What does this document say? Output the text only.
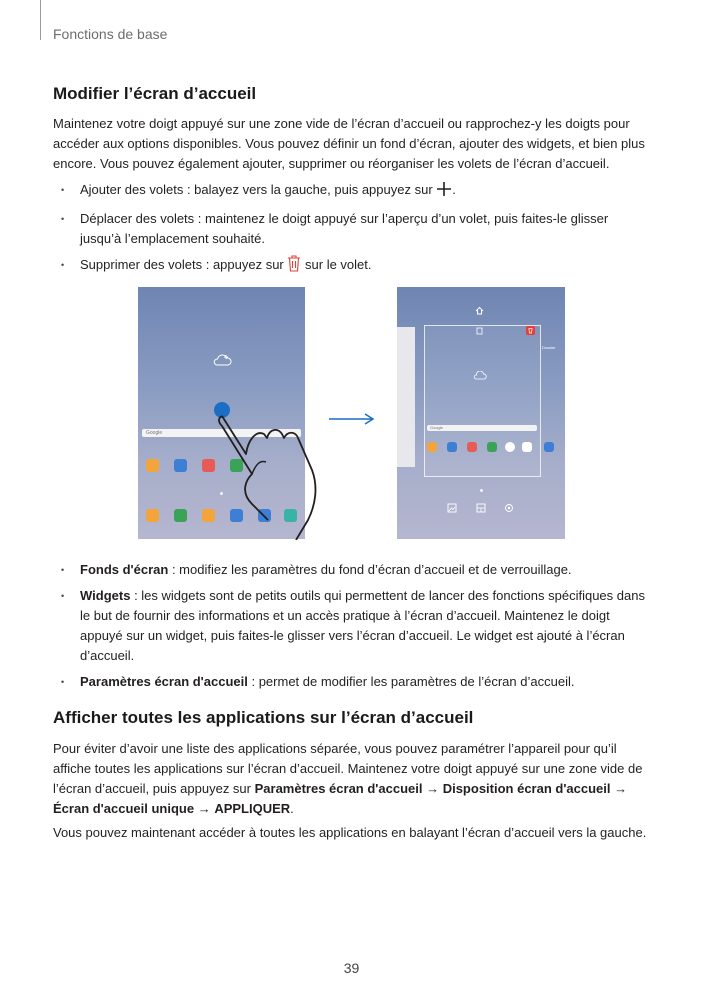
Fonctions de base
Modifier l’écran d’accueil

Maintenez votre doigt appuyé sur une zone vide de l’écran d’accueil ou rapprochez-y les doigts pour accéder aux options disponibles. Vous pouvez définir un fond d’écran, ajouter des widgets, et bien plus encore. Vous pouvez également ajouter, supprimer ou réorganiser les volets de l’écran d’accueil.

• Ajouter des volets : balayez vers la gauche, puis appuyez sur .
• Déplacer des volets : maintenez le doigt appuyé sur l’aperçu d’un volet, puis faites-le glisser jusqu’à l’emplacement souhaité.
• Supprimer des volets : appuyez sur sur le volet.
Google
Dossier
Google
• Fonds d'écran : modifiez les paramètres du fond d’écran d’accueil et de verrouillage.
• Widgets : les widgets sont de petits outils qui permettent de lancer des fonctions spécifiques dans le but de fournir des informations et un accès pratique à l’écran d’accueil. Maintenez le doigt appuyé sur un widget, puis faites-le glisser vers l’écran d’accueil. Le widget est ajouté à l’écran d’accueil.
• Paramètres écran d'accueil : permet de modifier les paramètres de l’écran d’accueil.
Afficher toutes les applications sur l’écran d’accueil

Pour éviter d’avoir une liste des applications séparée, vous pouvez paramétrer l’appareil pour qu’il affiche toutes les applications sur l’écran d’accueil. Maintenez votre doigt appuyé sur une zone vide de l’écran d’accueil, puis appuyez sur Paramètres écran d'accueil → Disposition écran d'accueil → Écran d'accueil unique → APPLIQUER.

Vous pouvez maintenant accéder à toutes les applications en balayant l’écran d’accueil vers la gauche.

39
